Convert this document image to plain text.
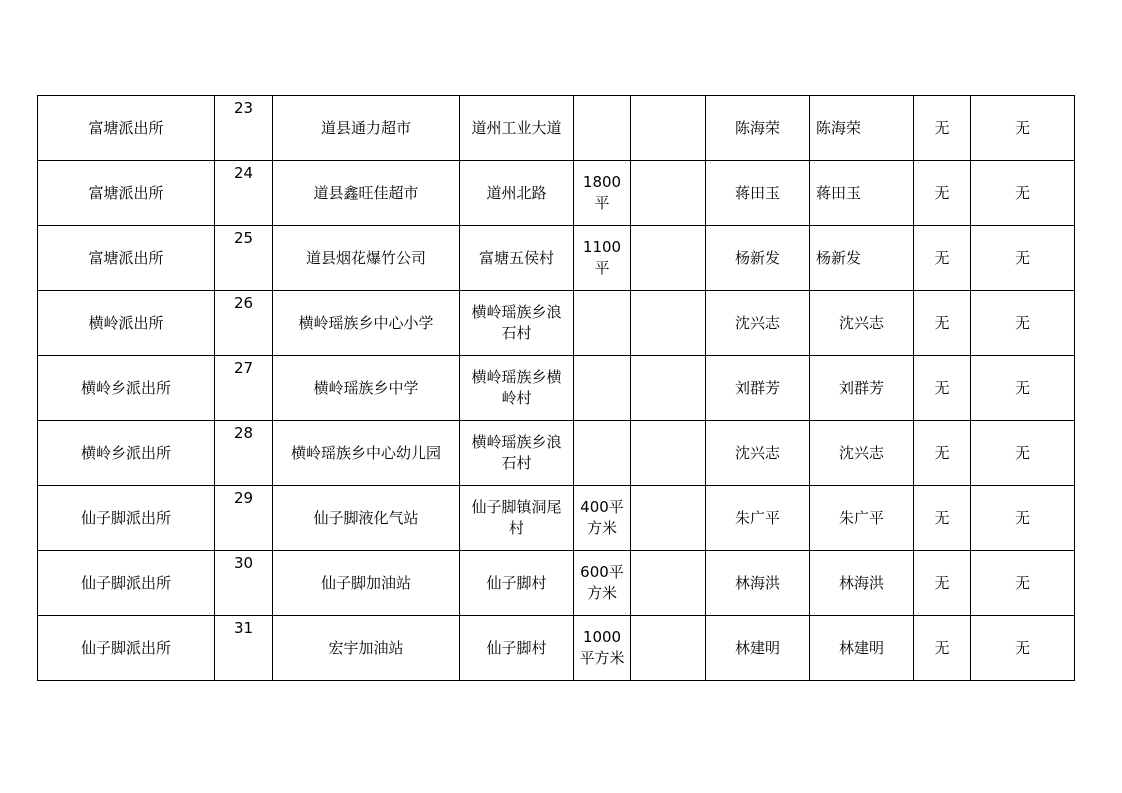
富塘派出所	23	道县通力超市	道州工业大道			陈海荣	陈海荣	无	无
富塘派出所	24	道县鑫旺佳超市	道州北路	1800平		蒋田玉	蒋田玉	无	无
富塘派出所	25	道县烟花爆竹公司	富塘五侯村	1100平		杨新发	杨新发	无	无
横岭派出所	26	横岭瑶族乡中心小学	横岭瑶族乡浪石村			沈兴志	沈兴志	无	无
横岭乡派出所	27	横岭瑶族乡中学	横岭瑶族乡横岭村			刘群芳	刘群芳	无	无
横岭乡派出所	28	横岭瑶族乡中心幼儿园	横岭瑶族乡浪石村			沈兴志	沈兴志	无	无
仙子脚派出所	29	仙子脚液化气站	仙子脚镇洞尾村	400平方米		朱广平	朱广平	无	无
仙子脚派出所	30	仙子脚加油站	仙子脚村	600平方米		林海洪	林海洪	无	无
仙子脚派出所	31	宏宇加油站	仙子脚村	1000平方米		林建明	林建明	无	无
